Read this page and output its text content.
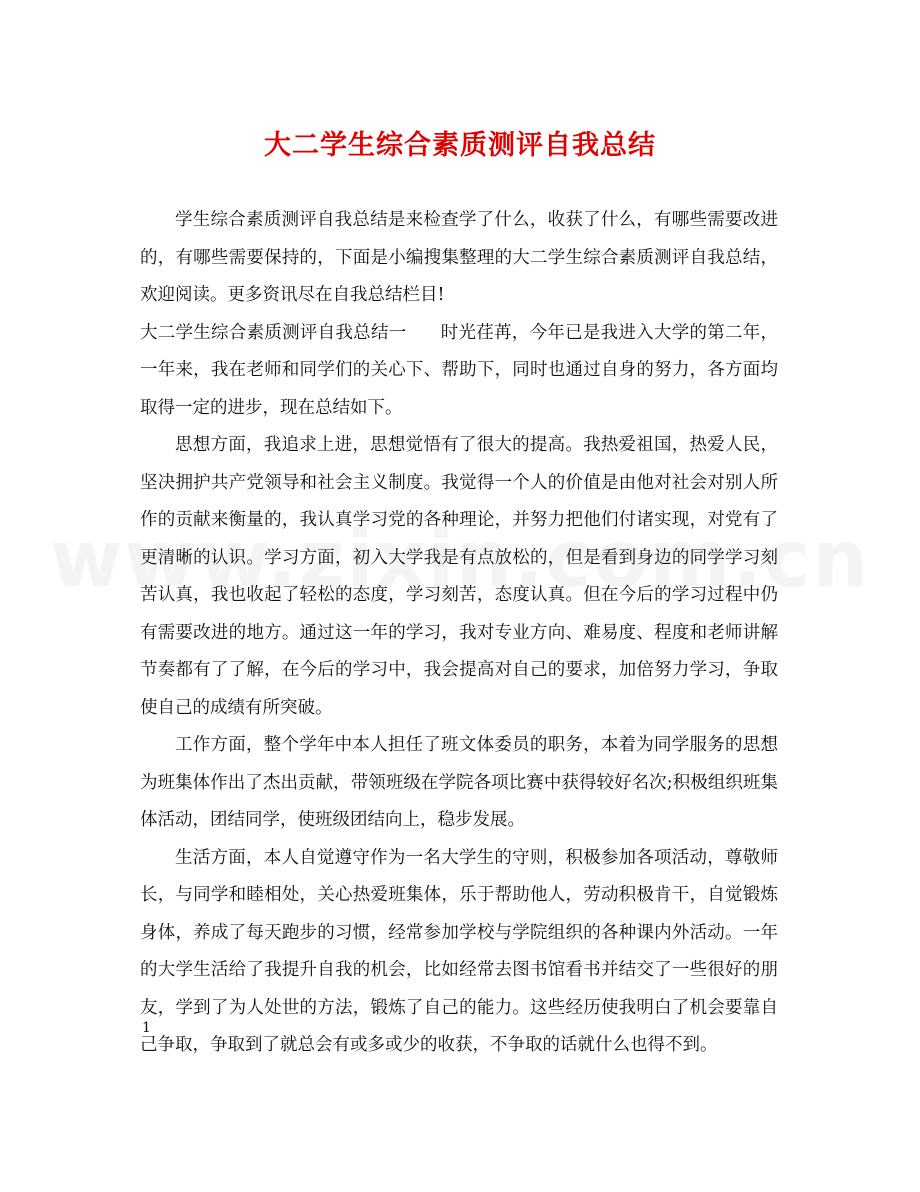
大二学生综合素质测评自我总结

学生综合素质测评自我总结是来检查学了什么，收获了什么，有哪些需要改进的，有哪些需要保持的，下面是小编搜集整理的大二学生综合素质测评自我总结，欢迎阅读。更多资讯尽在自我总结栏目!

大二学生综合素质测评自我总结一 时光荏苒，今年已是我进入大学的第二年，一年来，我在老师和同学们的关心下、帮助下，同时也通过自身的努力，各方面均取得一定的进步，现在总结如下。

思想方面，我追求上进，思想觉悟有了很大的提高。我热爱祖国，热爱人民，坚决拥护共产党领导和社会主义制度。我觉得一个人的价值是由他对社会对别人所作的贡献来衡量的，我认真学习党的各种理论，并努力把他们付诸实现，对党有了更清晰的认识。学习方面，初入大学我是有点放松的，但是看到身边的同学学习刻苦认真，我也收起了轻松的态度，学习刻苦，态度认真。但在今后的学习过程中仍有需要改进的地方。通过这一年的学习，我对专业方向、难易度、程度和老师讲解节奏都有了了解，在今后的学习中，我会提高对自己的要求，加倍努力学习，争取使自己的成绩有所突破。

工作方面，整个学年中本人担任了班文体委员的职务，本着为同学服务的思想为班集体作出了杰出贡献，带领班级在学院各项比赛中获得较好名次;积极组织班集体活动，团结同学，使班级团结向上，稳步发展。

生活方面，本人自觉遵守作为一名大学生的守则，积极参加各项活动，尊敬师长，与同学和睦相处，关心热爱班集体，乐于帮助他人，劳动积极肯干，自觉锻炼身体，养成了每天跑步的习惯，经常参加学校与学院组织的各种课内外活动。一年的大学生活给了我提升自我的机会，比如经常去图书馆看书并结交了一些很好的朋友，学到了为人处世的方法，锻炼了自己的能力。这些经历使我明白了机会要靠自己争取，争取到了就总会有或多或少的收获，不争取的话就什么也得不到。

1
